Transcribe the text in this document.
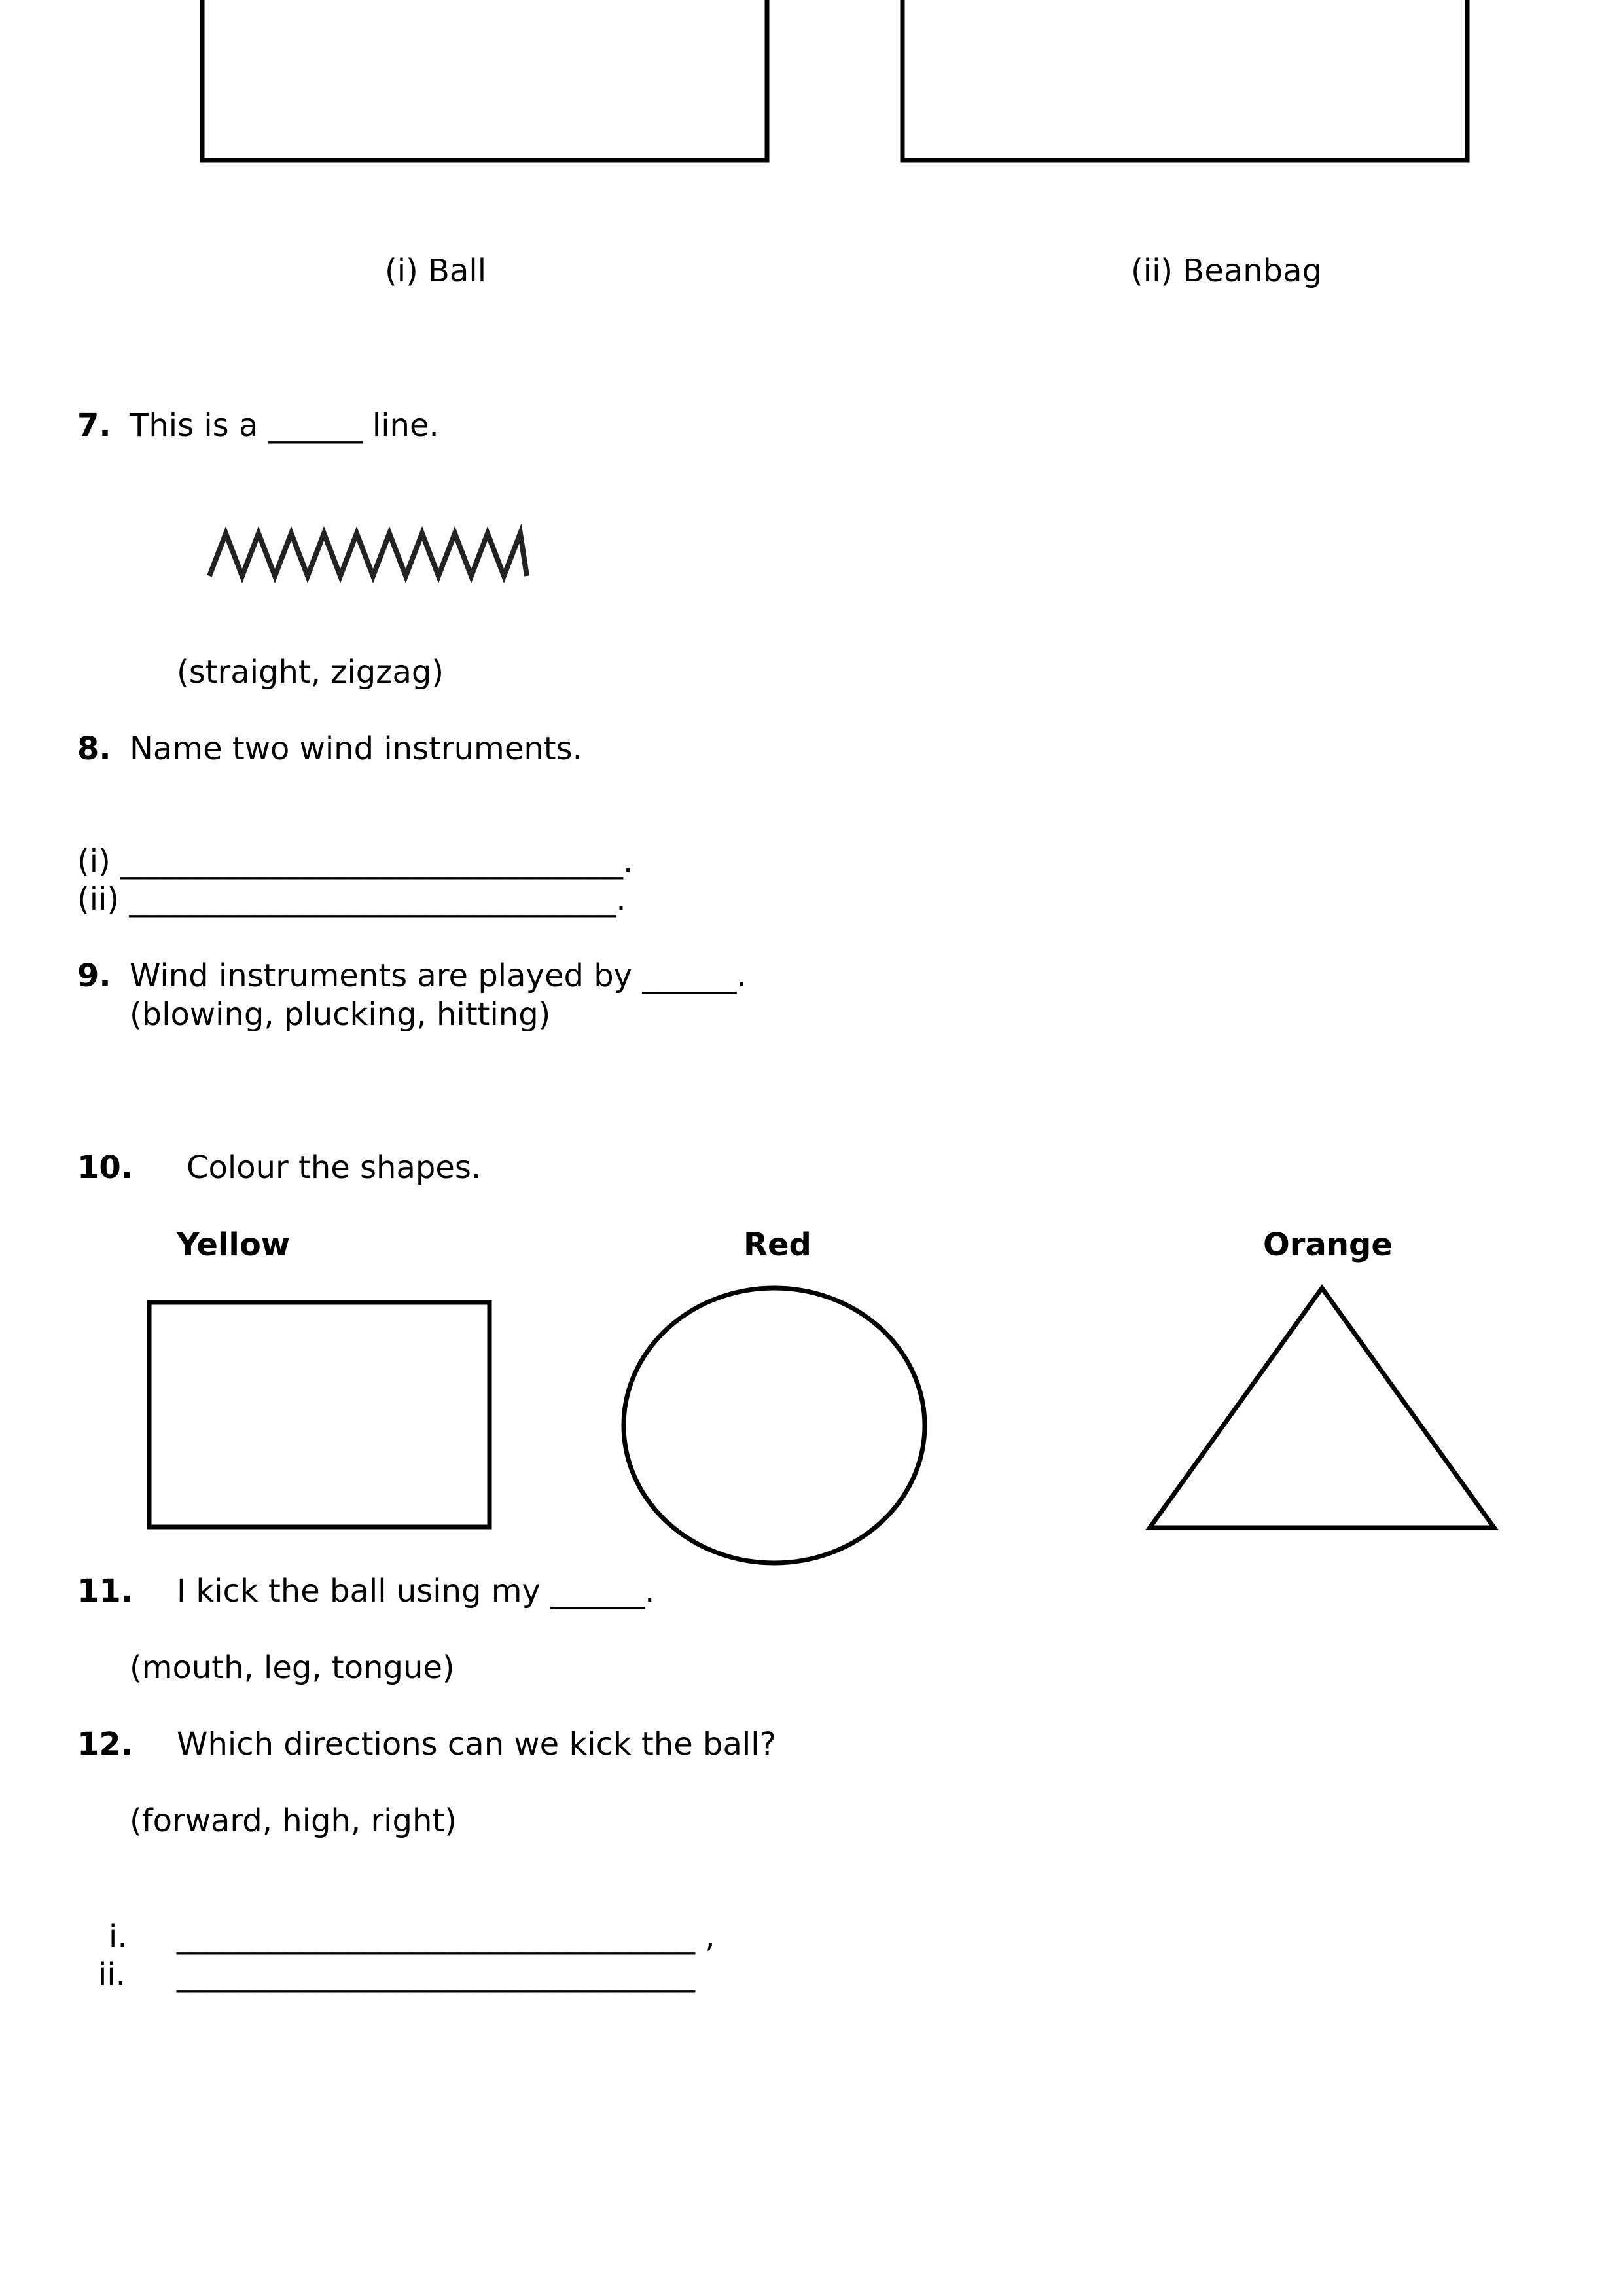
(i) Ball	(ii) Beanbag
7. This is a ______ line.
(straight, zigzag)
8. Name two wind instruments.
(i) ________________________________.
(ii) _______________________________.
9. Wind instruments are played by ______.
(blowing, plucking, hitting)
10. Colour the shapes.
Yellow	Red	Orange
11. I kick the ball using my ______.
(mouth, leg, tongue)
12. Which directions can we kick the ball?
(forward, high, right)
i. _________________________________ ,
ii. _________________________________
